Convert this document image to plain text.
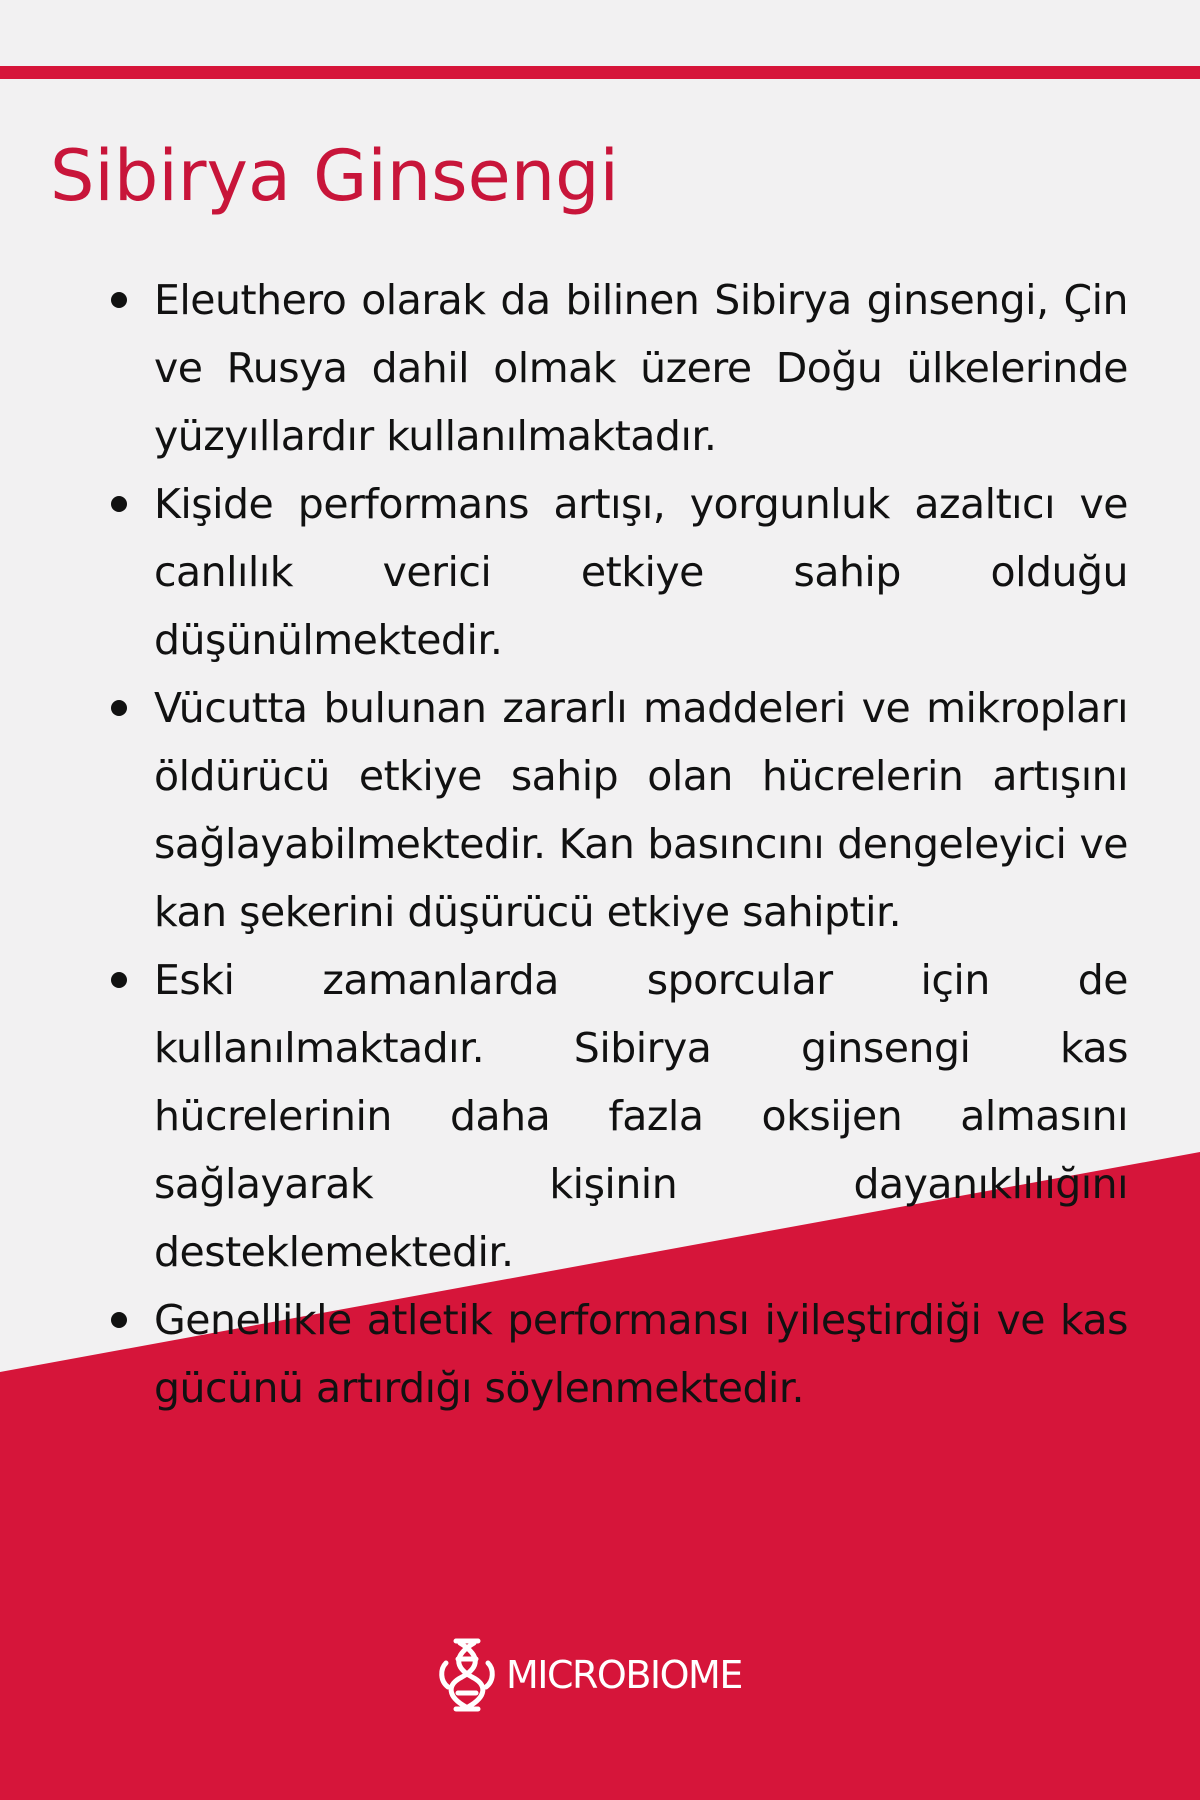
Sibirya Ginsengi
Eleuthero olarak da bilinen Sibirya ginsengi, Çin ve Rusya dahil olmak üzere Doğu ülkelerinde yüzyıllardır kullanılmaktadır.
Kişide performans artışı, yorgunluk azaltıcı ve canlılık verici etkiye sahip olduğu düşünülmektedir.
Vücutta bulunan zararlı maddeleri ve mikropları öldürücü etkiye sahip olan hücrelerin artışını sağlayabilmektedir. Kan basıncını dengeleyici ve kan şekerini düşürücü etkiye sahiptir.
Eski zamanlarda sporcular için de kullanılmaktadır. Sibirya ginsengi kas hücrelerinin daha fazla oksijen almasını sağlayarak kişinin dayanıklılığını desteklemektedir.
Genellikle atletik performansı iyileştirdiği ve kas gücünü artırdığı söylenmektedir.
MICROBIOME
